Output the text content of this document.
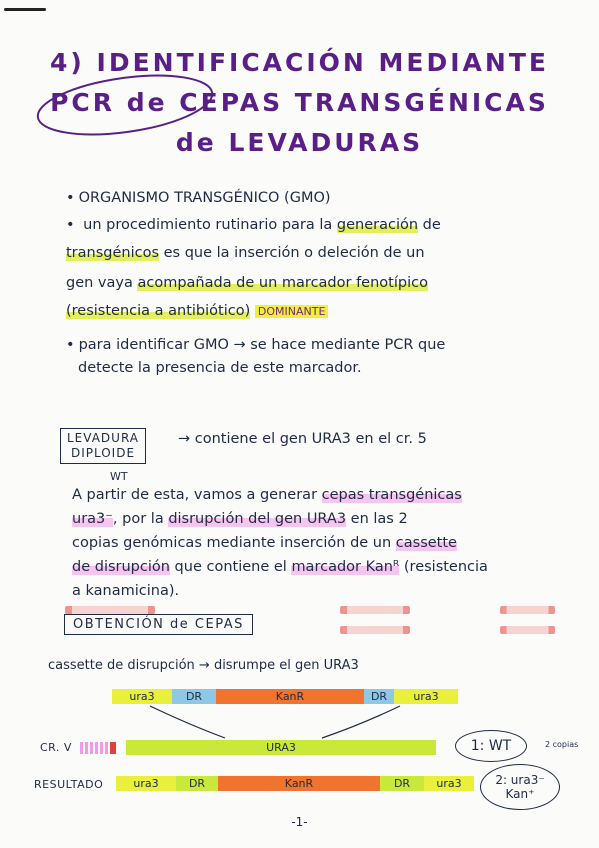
4) IDENTIFICACIÓN MEDIANTE
PCR de CEPAS TRANSGÉNICAS
de LEVADURAS
• ORGANISMO TRANSGÉNICO (GMO)
• un procedimiento rutinario para la generación de
transgénicos es que la inserción o deleción de un
gen vaya acompañada de un marcador fenotípico
(resistencia a antibiótico) DOMINANTE
• para identificar GMO → se hace mediante PCR que
detecte la presencia de este marcador.
LEVADURA
DIPLOIDE
WT
→ contiene el gen URA3 en el cr. 5
A partir de esta, vamos a generar cepas transgénicas
ura3⁻, por la disrupción del gen URA3 en las 2
copias genómicas mediante inserción de un cassette
de disrupción que contiene el marcador Kanᴿ (resistencia
a kanamicina).
OBTENCIÓN de CEPAS
cassette de disrupción → disrumpe el gen URA3
ura3	DR	KanR	DR	ura3
CR. V	URA3
RESULTADO	ura3	DR	KanR	DR	ura3
1: WT	2 copias
2: ura3⁻
Kan⁺
-1-
